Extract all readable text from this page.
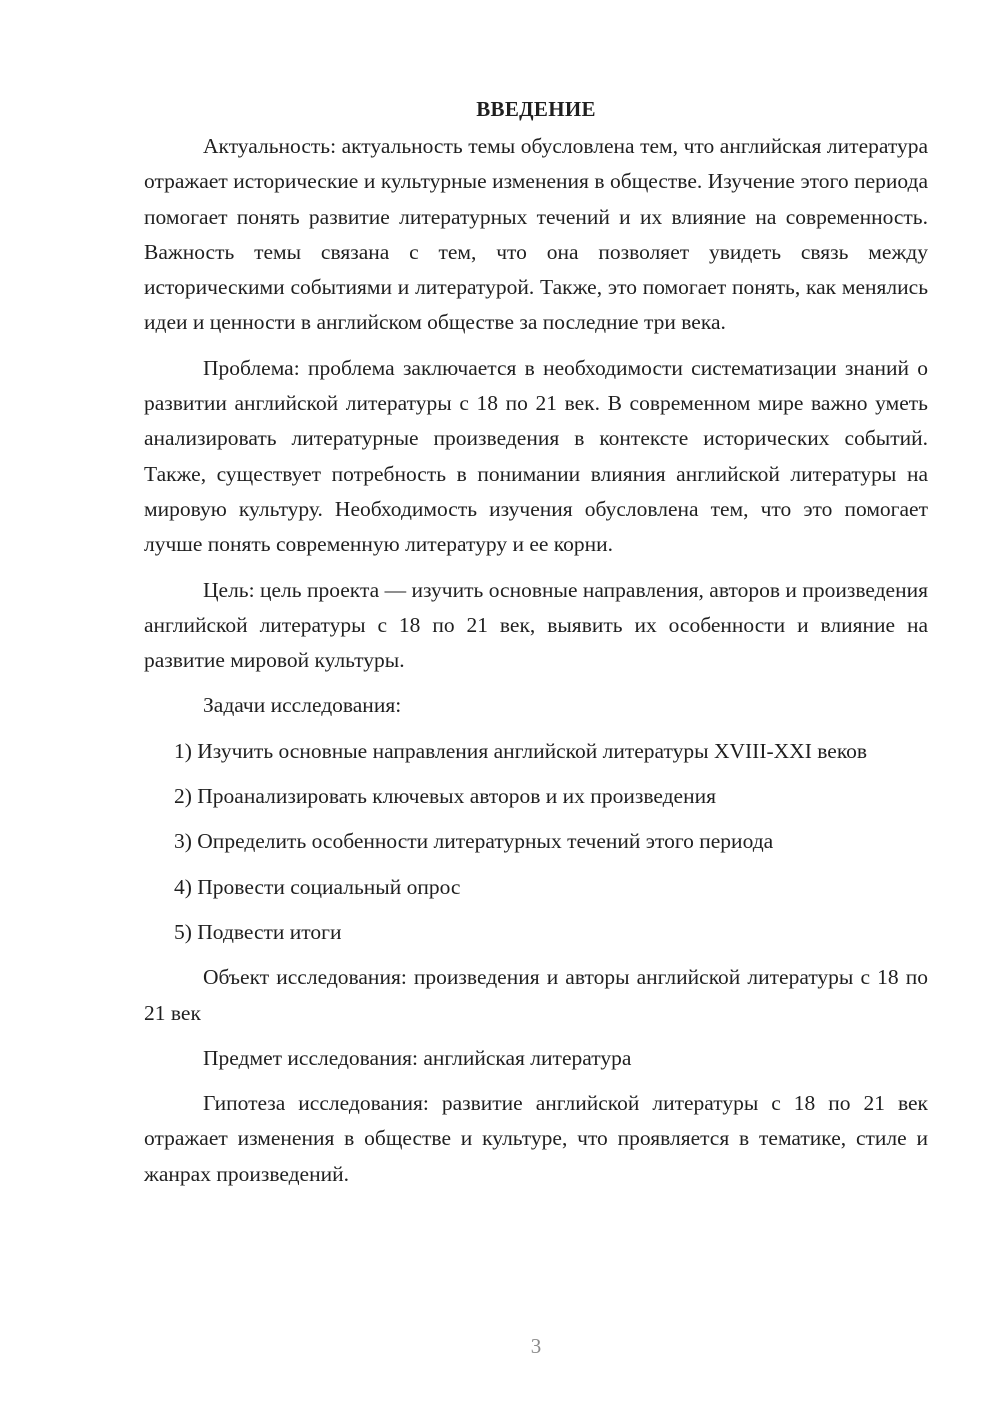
ВВЕДЕНИЕ

Актуальность: актуальность темы обусловлена тем, что английская литература отражает исторические и культурные изменения в обществе. Изучение этого периода помогает понять развитие литературных течений и их влияние на современность. Важность темы связана с тем, что она позволяет увидеть связь между историческими событиями и литературой. Также, это помогает понять, как менялись идеи и ценности в английском обществе за последние три века.

Проблема: проблема заключается в необходимости систематизации знаний о развитии английской литературы с 18 по 21 век. В современном мире важно уметь анализировать литературные произведения в контексте исторических событий. Также, существует потребность в понимании влияния английской литературы на мировую культуру. Необходимость изучения обусловлена тем, что это помогает лучше понять современную литературу и ее корни.

Цель: цель проекта — изучить основные направления, авторов и произведения английской литературы с 18 по 21 век, выявить их особенности и влияние на развитие мировой культуры.

Задачи исследования:

1) Изучить основные направления английской литературы XVIII-XXI веков

2) Проанализировать ключевых авторов и их произведения

3) Определить особенности литературных течений этого периода

4) Провести социальный опрос

5) Подвести итоги

Объект исследования: произведения и авторы английской литературы с 18 по 21 век

Предмет исследования: английская литература

Гипотеза исследования: развитие английской литературы с 18 по 21 век отражает изменения в обществе и культуре, что проявляется в тематике, стиле и жанрах произведений.

3
